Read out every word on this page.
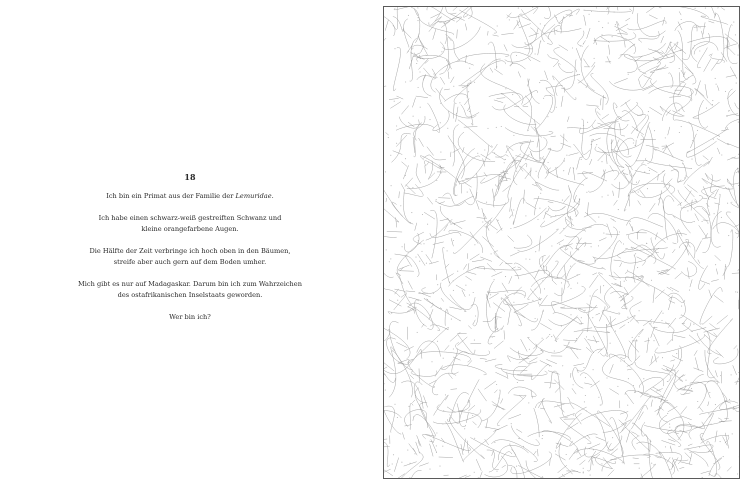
18

Ich bin ein Primat aus der Familie der Lemuridae.

Ich habe einen schwarz-weiß gestreiften Schwanz und
kleine orangefarbene Augen.

Die Hälfte der Zeit verbringe ich hoch oben in den Bäumen,
streife aber auch gern auf dem Boden umher.

Mich gibt es nur auf Madagaskar. Darum bin ich zum Wahrzeichen
des ostafrikanischen Inselstaats geworden.

Wer bin ich?
